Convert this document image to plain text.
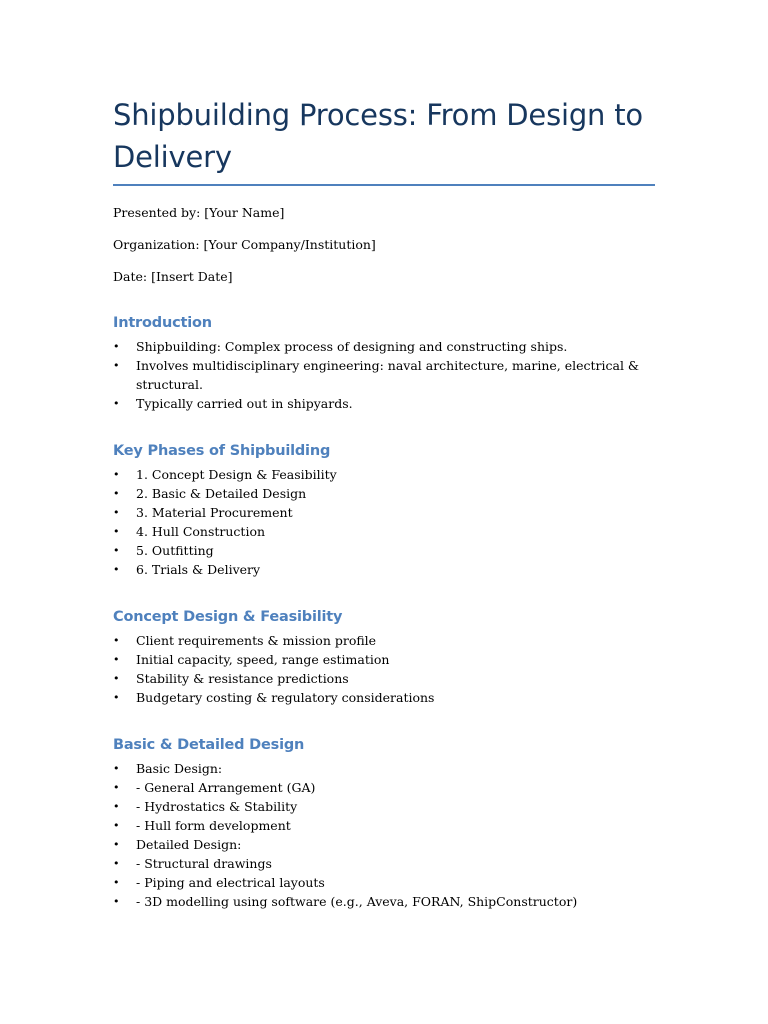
Shipbuilding Process: From Design to Delivery

Presented by: [Your Name]

Organization: [Your Company/Institution]

Date: [Insert Date]

Introduction
• Shipbuilding: Complex process of designing and constructing ships.
• Involves multidisciplinary engineering: naval architecture, marine, electrical & structural.
• Typically carried out in shipyards.
Key Phases of Shipbuilding
• 1. Concept Design & Feasibility
• 2. Basic & Detailed Design
• 3. Material Procurement
• 4. Hull Construction
• 5. Outfitting
• 6. Trials & Delivery
Concept Design & Feasibility
• Client requirements & mission profile
• Initial capacity, speed, range estimation
• Stability & resistance predictions
• Budgetary costing & regulatory considerations
Basic & Detailed Design
• Basic Design:
• - General Arrangement (GA)
• - Hydrostatics & Stability
• - Hull form development
• Detailed Design:
• - Structural drawings
• - Piping and electrical layouts
• - 3D modelling using software (e.g., Aveva, FORAN, ShipConstructor)
